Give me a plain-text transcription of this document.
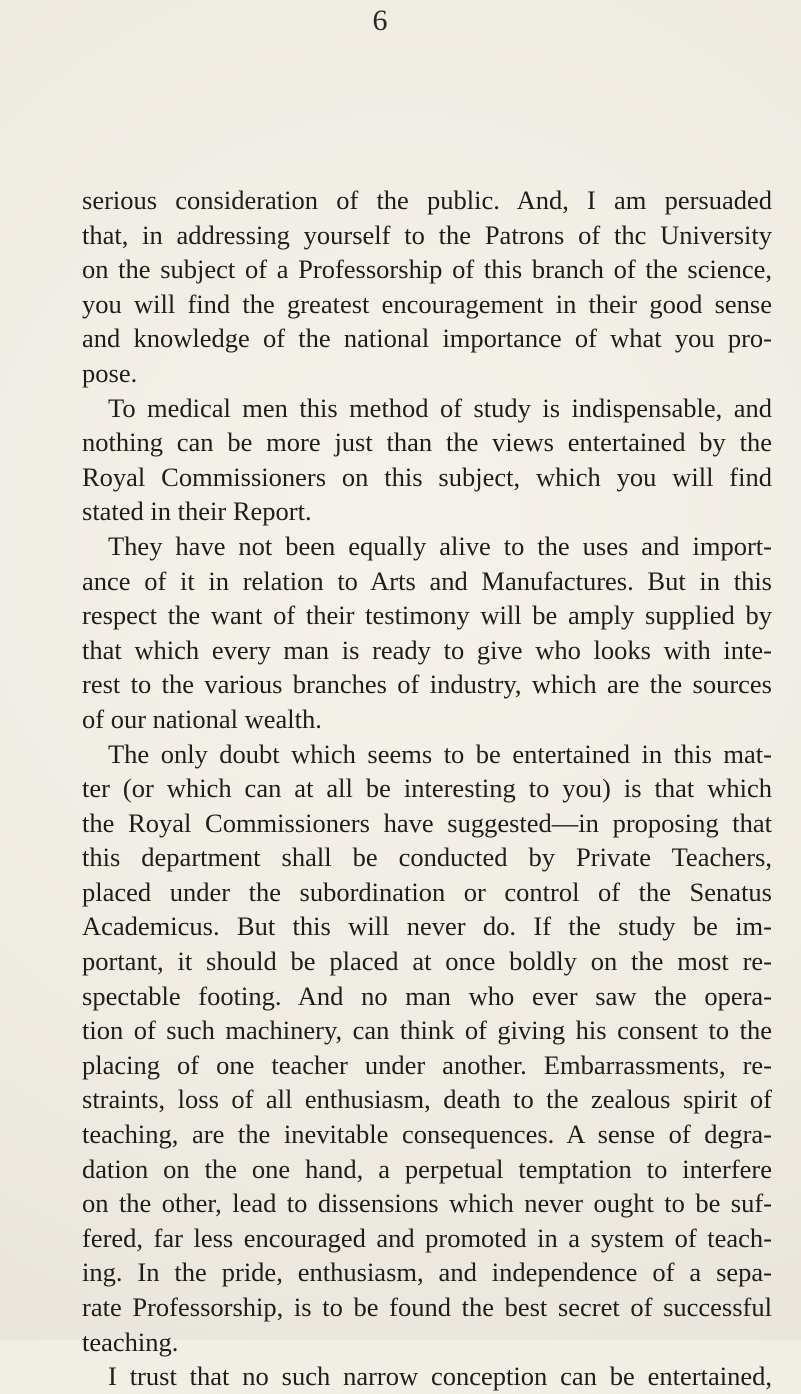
6
serious consideration of the public. And, I am persuaded
that, in addressing yourself to the Patrons of thc University
on the subject of a Professorship of this branch of the science,
you will find the greatest encouragement in their good sense
and knowledge of the national importance of what you pro-
pose.
To medical men this method of study is indispensable, and
nothing can be more just than the views entertained by the
Royal Commissioners on this subject, which you will find
stated in their Report.
They have not been equally alive to the uses and import-
ance of it in relation to Arts and Manufactures. But in this
respect the want of their testimony will be amply supplied by
that which every man is ready to give who looks with inte-
rest to the various branches of industry, which are the sources
of our national wealth.
The only doubt which seems to be entertained in this mat-
ter (or which can at all be interesting to you) is that which
the Royal Commissioners have suggested—in proposing that
this department shall be conducted by Private Teachers,
placed under the subordination or control of the Senatus
Academicus. But this will never do. If the study be im-
portant, it should be placed at once boldly on the most re-
spectable footing. And no man who ever saw the opera-
tion of such machinery, can think of giving his consent to the
placing of one teacher under another. Embarrassments, re-
straints, loss of all enthusiasm, death to the zealous spirit of
teaching, are the inevitable consequences. A sense of degra-
dation on the one hand, a perpetual temptation to interfere
on the other, lead to dissensions which never ought to be suf-
fered, far less encouraged and promoted in a system of teach-
ing. In the pride, enthusiasm, and independence of a sepa-
rate Professorship, is to be found the best secret of successful
teaching.
I trust that no such narrow conception can be entertained,
